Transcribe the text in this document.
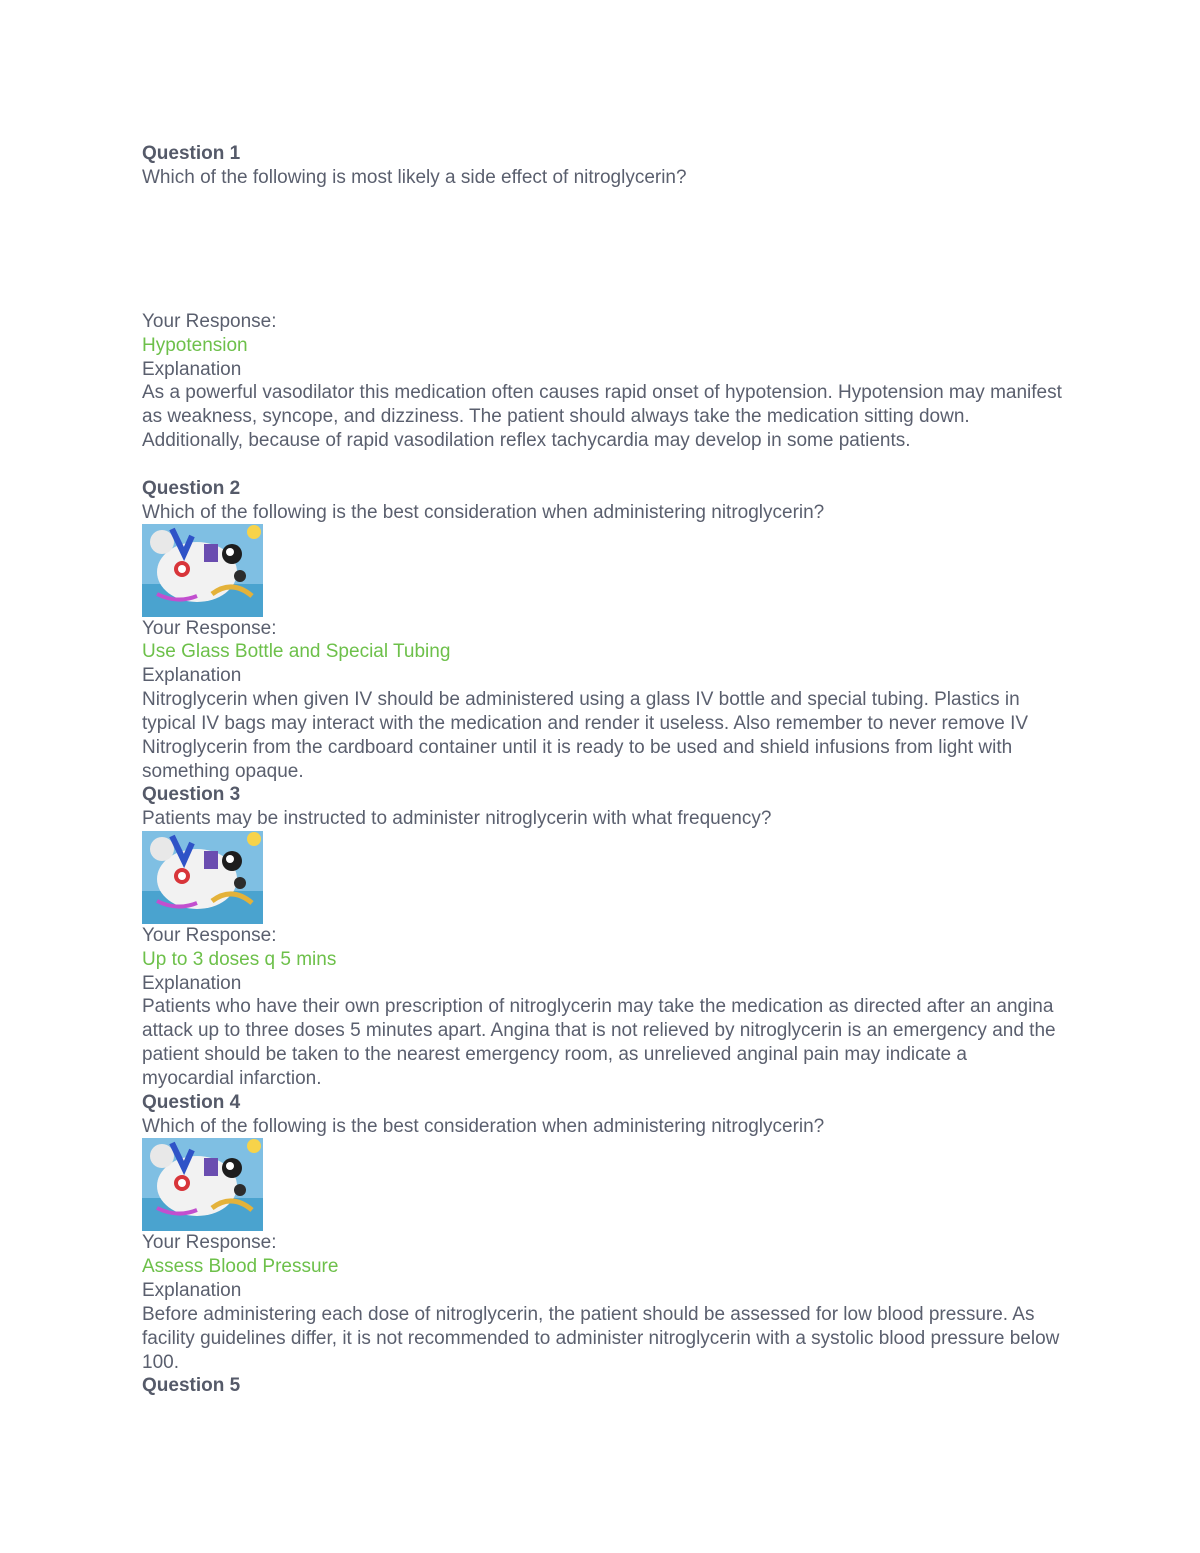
Question 1
Which of the following is most likely a side effect of nitroglycerin?
Your Response:
Hypotension
Explanation
As a powerful vasodilator this medication often causes rapid onset of hypotension. Hypotension may manifest as weakness, syncope, and dizziness. The patient should always take the medication sitting down. Additionally, because of rapid vasodilation reflex tachycardia may develop in some patients.
Question 2
Which of the following is the best consideration when administering nitroglycerin?
Your Response:
Use Glass Bottle and Special Tubing
Explanation
Nitroglycerin when given IV should be administered using a glass IV bottle and special tubing. Plastics in typical IV bags may interact with the medication and render it useless. Also remember to never remove IV Nitroglycerin from the cardboard container until it is ready to be used and shield infusions from light with something opaque.
Question 3
Patients may be instructed to administer nitroglycerin with what frequency?
Your Response:
Up to 3 doses q 5 mins
Explanation
Patients who have their own prescription of nitroglycerin may take the medication as directed after an angina attack up to three doses 5 minutes apart. Angina that is not relieved by nitroglycerin is an emergency and the patient should be taken to the nearest emergency room, as unrelieved anginal pain may indicate a myocardial infarction.
Question 4
Which of the following is the best consideration when administering nitroglycerin?
Your Response:
Assess Blood Pressure
Explanation
Before administering each dose of nitroglycerin, the patient should be assessed for low blood pressure. As facility guidelines differ, it is not recommended to administer nitroglycerin with a systolic blood pressure below 100.
Question 5
